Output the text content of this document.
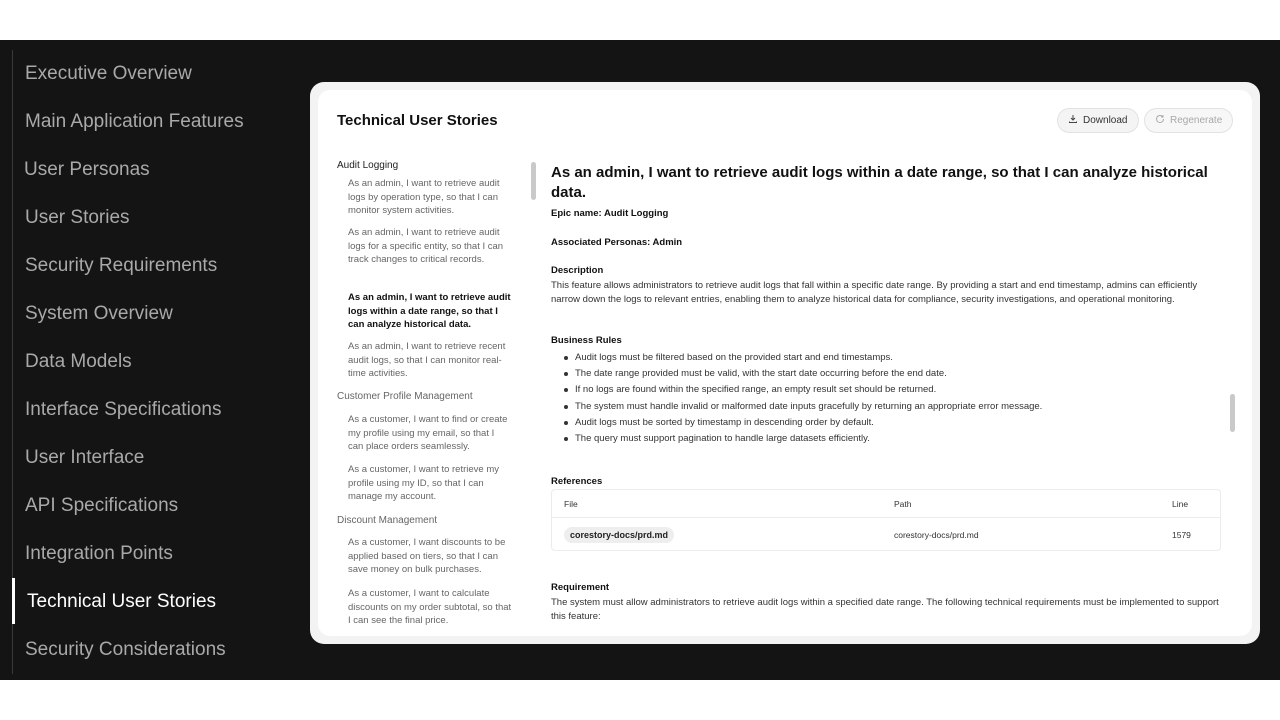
Executive Overview
Main Application Features
User Personas
User Stories
Security Requirements
System Overview
Data Models
Interface Specifications
User Interface
API Specifications
Integration Points
Technical User Stories
Security Considerations
Technical User Stories	Download	Regenerate
Audit Logging
As an admin, I want to retrieve audit logs by operation type, so that I can monitor system activities.
As an admin, I want to retrieve audit logs for a specific entity, so that I can track changes to critical records.
As an admin, I want to retrieve audit logs within a date range, so that I can analyze historical data.
As an admin, I want to retrieve recent audit logs, so that I can monitor real-time activities.
Customer Profile Management
As a customer, I want to find or create my profile using my email, so that I can place orders seamlessly.
As a customer, I want to retrieve my profile using my ID, so that I can manage my account.
Discount Management
As a customer, I want discounts to be applied based on tiers, so that I can save money on bulk purchases.
As a customer, I want to calculate discounts on my order subtotal, so that I can see the final price.
As an admin, I want to retrieve audit logs within a date range, so that I can analyze historical data.
Epic name: Audit Logging
Associated Personas: Admin
Description
This feature allows administrators to retrieve audit logs that fall within a specific date range. By providing a start and end timestamp, admins can efficiently narrow down the logs to relevant entries, enabling them to analyze historical data for compliance, security investigations, and operational monitoring.
Business Rules
Audit logs must be filtered based on the provided start and end timestamps.
The date range provided must be valid, with the start date occurring before the end date.
If no logs are found within the specified range, an empty result set should be returned.
The system must handle invalid or malformed date inputs gracefully by returning an appropriate error message.
Audit logs must be sorted by timestamp in descending order by default.
The query must support pagination to handle large datasets efficiently.
References
File	Path	Line
corestory-docs/prd.md	corestory-docs/prd.md	1579
Requirement
The system must allow administrators to retrieve audit logs within a specified date range. The following technical requirements must be implemented to support this feature:
